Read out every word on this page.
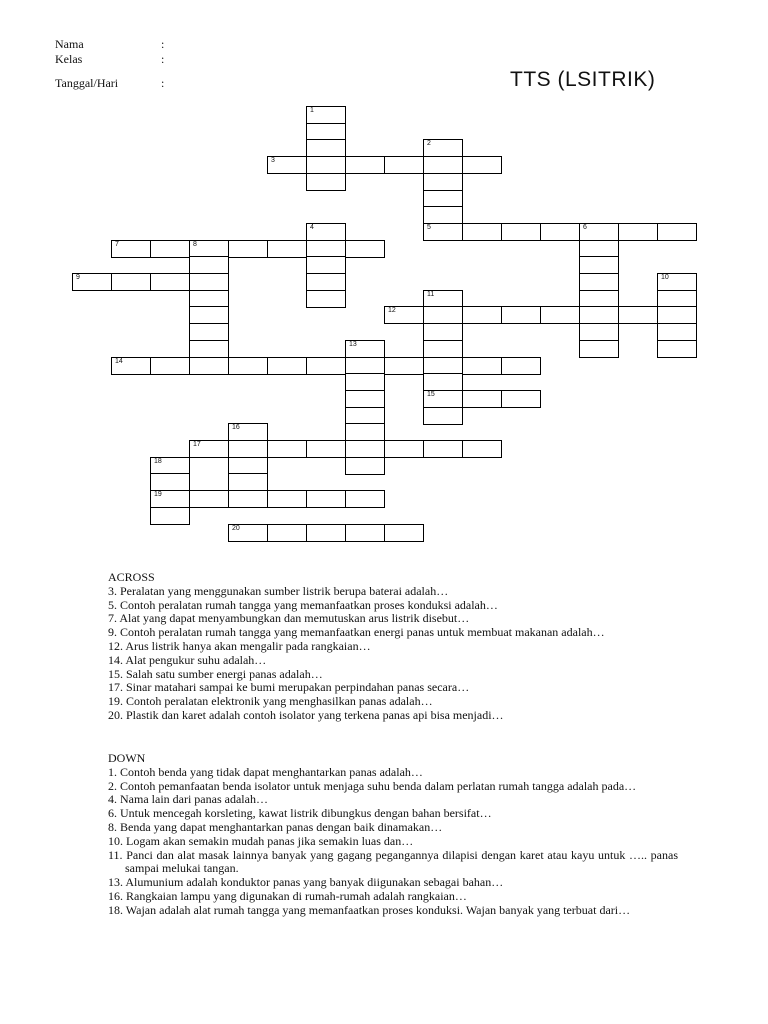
Nama	:
Kelas	:
Tanggal/Hari	:	TTS (LSITRIK)
1
2
5
3
4	6
7	8
9	10
11
15
12
13
14
16
17
18
19
20
ACROSS
3. Peralatan yang menggunakan sumber listrik berupa baterai adalah…
5. Contoh peralatan rumah tangga yang memanfaatkan proses konduksi adalah…
7. Alat yang dapat menyambungkan dan memutuskan arus listrik disebut…
9. Contoh peralatan rumah tangga yang memanfaatkan energi panas untuk membuat makanan adalah…
12. Arus listrik hanya akan mengalir pada rangkaian…
14. Alat pengukur suhu adalah…
15. Salah satu sumber energi panas adalah…
17. Sinar matahari sampai ke bumi merupakan perpindahan panas secara…
19. Contoh peralatan elektronik yang menghasilkan panas adalah…
20. Plastik dan karet adalah contoh isolator yang terkena panas api bisa menjadi…
DOWN
1. Contoh benda yang tidak dapat menghantarkan panas adalah…
2. Contoh pemanfaatan benda isolator untuk menjaga suhu benda dalam perlatan rumah tangga adalah pada…
4. Nama lain dari panas adalah…
6. Untuk mencegah korsleting, kawat listrik dibungkus dengan bahan bersifat…
8. Benda yang dapat menghantarkan panas dengan baik dinamakan…
10. Logam akan semakin mudah panas jika semakin luas dan…
11. Panci dan alat masak lainnya banyak yang gagang pegangannya dilapisi dengan karet atau kayu untuk ….. panas sampai melukai tangan.
13. Alumunium adalah konduktor panas yang banyak diigunakan sebagai bahan…
16. Rangkaian lampu yang digunakan di rumah-rumah adalah rangkaian…
18. Wajan adalah alat rumah tangga yang memanfaatkan proses konduksi. Wajan banyak yang terbuat dari…
